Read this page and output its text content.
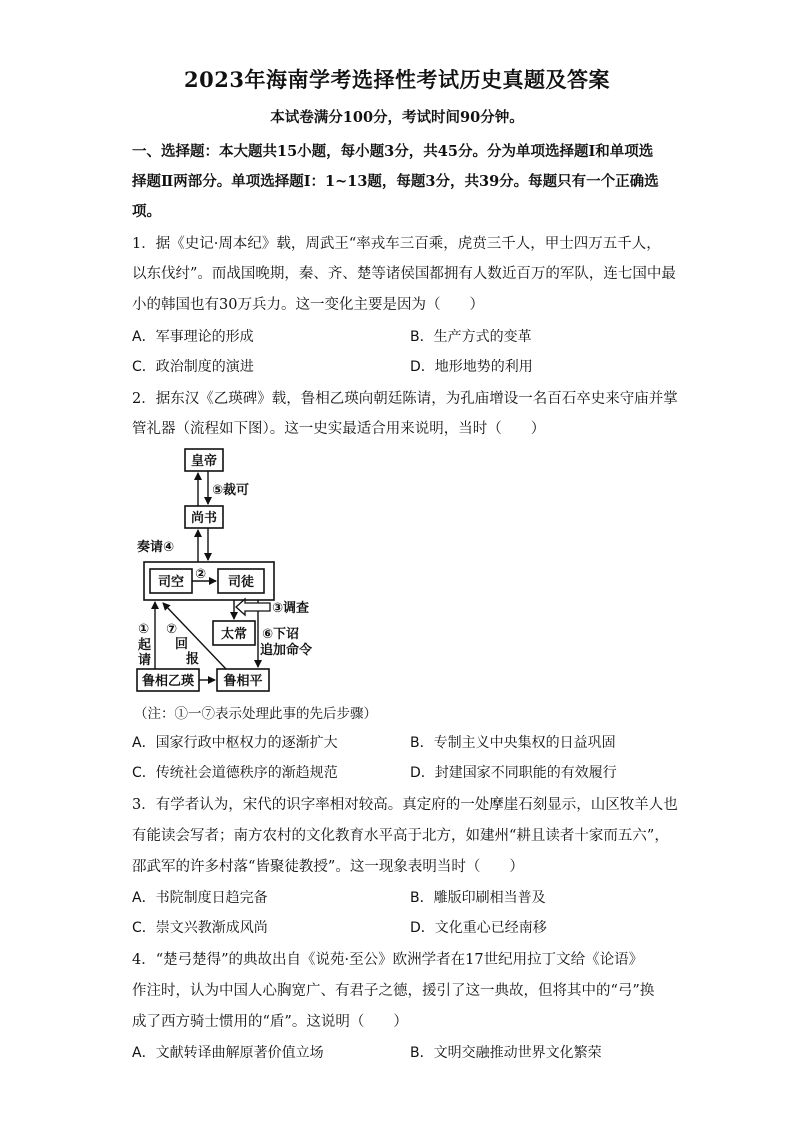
2023年海南学考选择性考试历史真题及答案
本试卷满分100分，考试时间90分钟。
一、选择题：本大题共15小题，每小题3分，共45分。分为单项选择题Ⅰ和单项选
择题Ⅱ两部分。单项选择题Ⅰ：1~13题，每题3分，共39分。每题只有一个正确选
项。
1．据《史记·周本纪》载，周武王“率戎车三百乘，虎贲三千人，甲士四万五千人，
以东伐纣”。而战国晚期，秦、齐、楚等诸侯国都拥有人数近百万的军队，连七国中最
小的韩国也有30万兵力。这一变化主要是因为（　　）
A．军事理论的形成	B．生产方式的变革
C．政治制度的演进	D．地形地势的利用
2．据东汉《乙瑛碑》载，鲁相乙瑛向朝廷陈请，为孔庙增设一名百石卒史来守庙并掌
管礼器（流程如下图）。这一史实最适合用来说明，当时（　　）
皇帝
尚书
司空	司徒
太常
鲁相乙瑛 鲁相平
⑤裁可
奏请④
②
③调查
①
起
请
⑦
回
报
⑥下诏
追加命令
（注：①一⑦表示处理此事的先后步骤）
A．国家行政中枢权力的逐渐扩大	B．专制主义中央集权的日益巩固
C．传统社会道德秩序的渐趋规范	D．封建国家不同职能的有效履行
3．有学者认为，宋代的识字率相对较高。真定府的一处摩崖石刻显示，山区牧羊人也
有能读会写者；南方农村的文化教育水平高于北方，如建州“耕且读者十家而五六”，
邵武军的许多村落“皆聚徒教授”。这一现象表明当时（　　）
A．书院制度日趋完备	B．雕版印刷相当普及
C．崇文兴教渐成风尚	D．文化重心已经南移
4．“楚弓楚得”的典故出自《说苑·至公》欧洲学者在17世纪用拉丁文给《论语》
作注时，认为中国人心胸宽广、有君子之德，援引了这一典故，但将其中的“弓”换
成了西方骑士惯用的“盾”。这说明（　　）
A．文献转译曲解原著价值立场	B．文明交融推动世界文化繁荣
